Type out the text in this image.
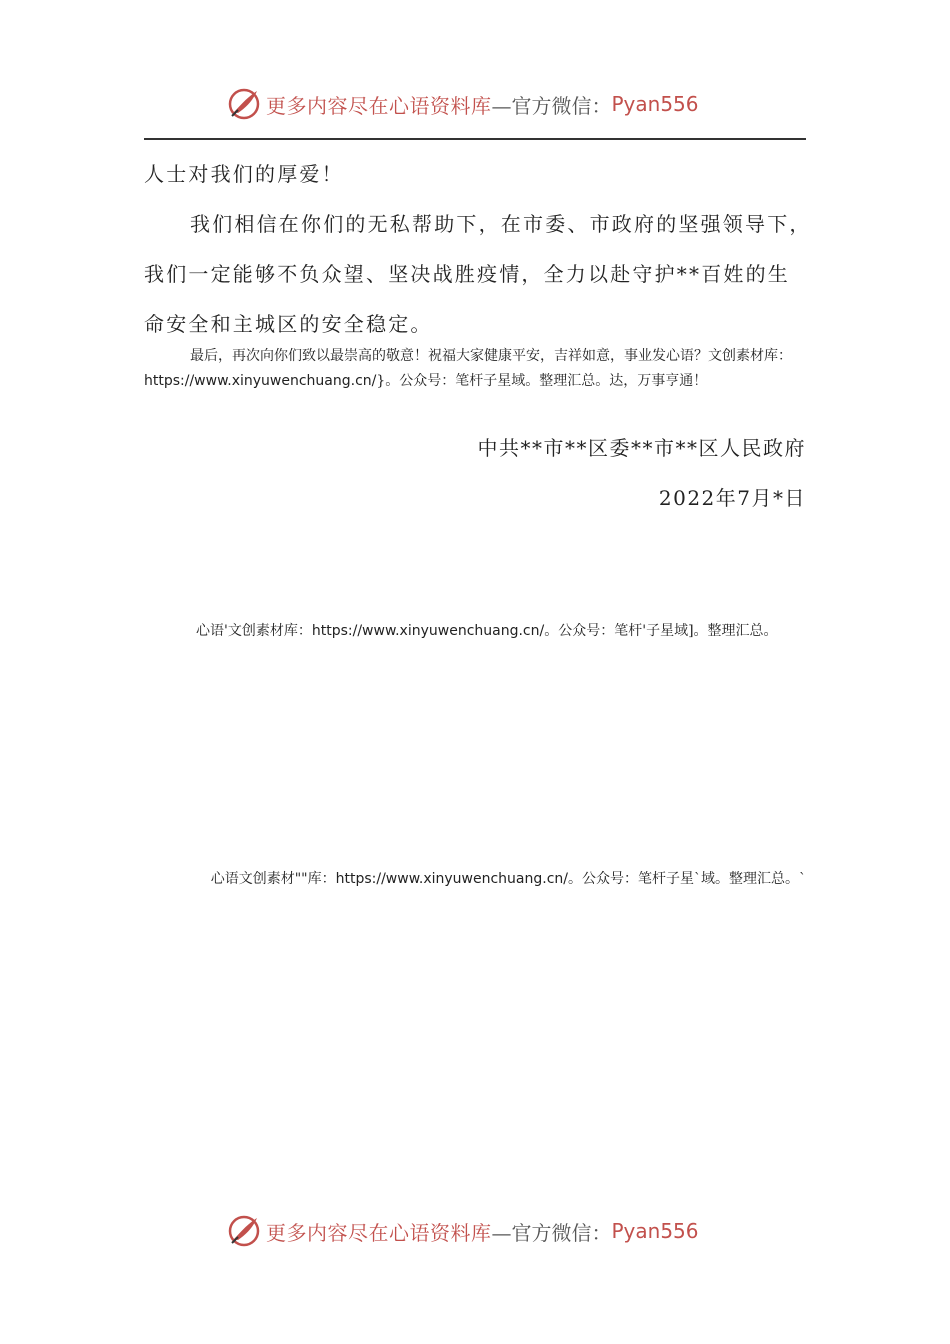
更多内容尽在心语资料库 —官方微信： Pyan556
人士对我们的厚爱！
我们相信在你们的无私帮助下，在市委、市政府的坚强领导下，
我们一定能够不负众望、坚决战胜疫情，全力以赴守护**百姓的生
命安全和主城区的安全稳定。
最后，再次向你们致以最崇高的敬意！祝福大家健康平安，吉祥如意，事业发心语？文创素材库：https://www.xinyuwenchuang.cn/}。公众号：笔杆子星域。整理汇总。达，万事亨通！
中共**市**区委**市**区人民政府
2022年7月*日
心语'文创素材库：https://www.xinyuwenchuang.cn/。公众号：笔杆'子星域]。整理汇总。
心语文创素材""库：https://www.xinyuwenchuang.cn/。公众号：笔杆子星`域。整理汇总。`
更多内容尽在心语资料库 —官方微信： Pyan556
